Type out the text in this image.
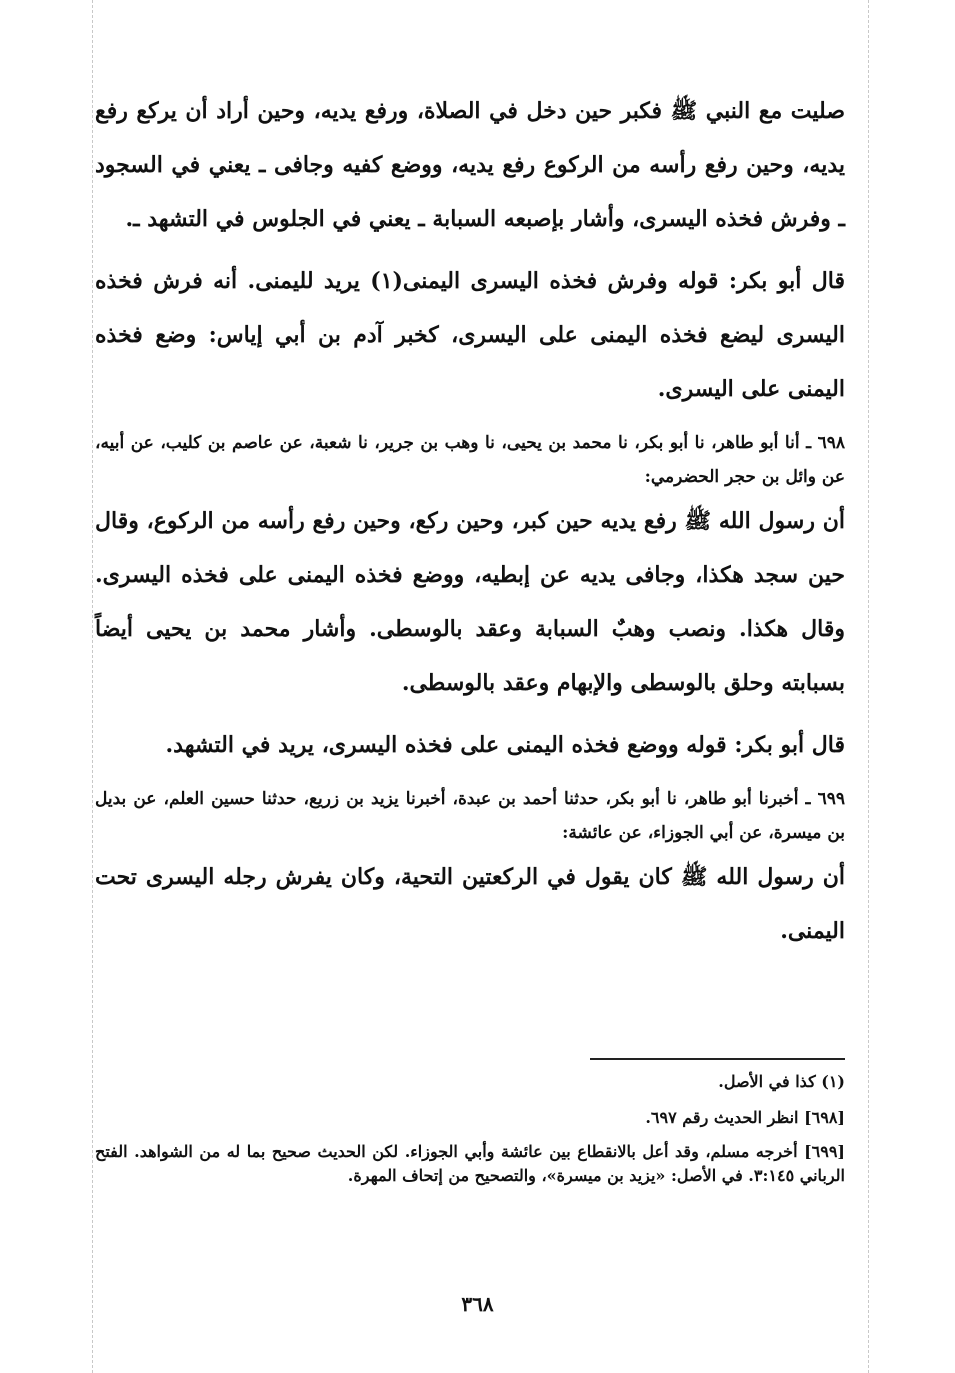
صليت مع النبي ﷺ فكبر حين دخل في الصلاة، ورفع يديه، وحين أراد أن يركع رفع يديه، وحين رفع رأسه من الركوع رفع يديه، ووضع كفيه وجافى ـ يعني في السجود ـ وفرش فخذه اليسرى، وأشار بإصبعه السبابة ـ يعني في الجلوس في التشهد ـ.

قال أبو بكر: قوله وفرش فخذه اليسرى اليمنى(١) يريد لليمنى. أنه فرش فخذه اليسرى ليضع فخذه اليمنى على اليسرى، كخبر آدم بن أبي إياس: وضع فخذه اليمنى على اليسرى.

٦٩٨ ـ أنا أبو طاهر، نا أبو بكر، نا محمد بن يحيى، نا وهب بن جرير، نا شعبة، عن عاصم بن كليب، عن أبيه، عن وائل بن حجر الحضرمي:

أن رسول الله ﷺ رفع يديه حين كبر، وحين ركع، وحين رفع رأسه من الركوع، وقال حين سجد هكذا، وجافى يديه عن إبطيه، ووضع فخذه اليمنى على فخذه اليسرى. وقال هكذا. ونصب وهبٌ السبابة وعقد بالوسطى. وأشار محمد بن يحيى أيضاً بسبابته وحلق بالوسطى والإبهام وعقد بالوسطى.

قال أبو بكر: قوله ووضع فخذه اليمنى على فخذه اليسرى، يريد في التشهد.

٦٩٩ ـ أخبرنا أبو طاهر، نا أبو بكر، حدثنا أحمد بن عبدة، أخبرنا يزيد بن زريع، حدثنا حسين العلم، عن بديل بن ميسرة، عن أبي الجوزاء، عن عائشة:

أن رسول الله ﷺ كان يقول في الركعتين التحية، وكان يفرش رجله اليسرى تحت اليمنى.

(١) كذا في الأصل.

[٦٩٨] انظر الحديث رقم ٦٩٧.

[٦٩٩] أخرجه مسلم، وقد أعل بالانقطاع بين عائشة وأبي الجوزاء. لكن الحديث صحيح بما له من الشواهد. الفتح الرباني ٣:١٤٥. في الأصل: «يزيد بن ميسرة»، والتصحيح من إتحاف المهرة.

٣٦٨
